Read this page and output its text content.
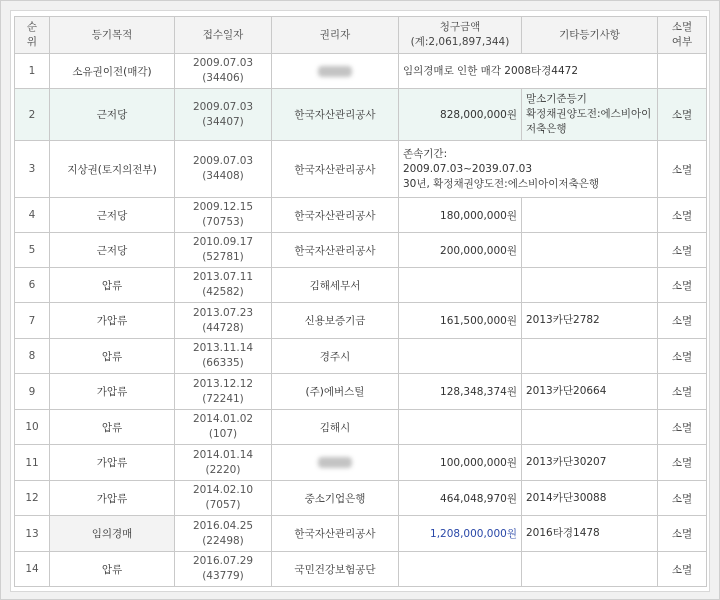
순
위	등기목적	접수일자	권리자	청구금액
(계:2,061,897,344)	기타등기사항	소멸
여부

1	소유권이전(매각)	2009.07.03
(34406)		임의경매로 인한 매각 2008타경4472		

2	근저당	2009.07.03
(34407)	한국자산관리공사	828,000,000원	말소기준등기
확정채권양도전:에스비아이
저축은행	소멸
3	지상권(토지의전부)	2009.07.03
(34408)	한국자산관리공사	존속기간:
2009.07.03~2039.07.03
30년, 확정채권양도전:에스비아이저축은행		소멸
4	근저당	2009.12.15
(70753)	한국자산관리공사	180,000,000원		소멸
5	근저당	2010.09.17
(52781)	한국자산관리공사	200,000,000원		소멸
6	압류	2013.07.11
(42582)	김해세무서			소멸
7	가압류	2013.07.23
(44728)	신용보증기금	161,500,000원	2013카단2782	소멸
8	압류	2013.11.14
(66335)	경주시			소멸
9	가압류	2013.12.12
(72241)	(주)에버스틸	128,348,374원	2013카단20664	소멸
10	압류	2014.01.02
(107)	김해시			소멸
11	가압류	2014.01.14
(2220)		100,000,000원	2013카단30207	소멸
12	가압류	2014.02.10
(7057)	중소기업은행	464,048,970원	2014카단30088	소멸
13	임의경매	2016.04.25
(22498)	한국자산관리공사	1,208,000,000원	2016타경1478	소멸
14	압류	2016.07.29
(43779)	국민건강보험공단			소멸
